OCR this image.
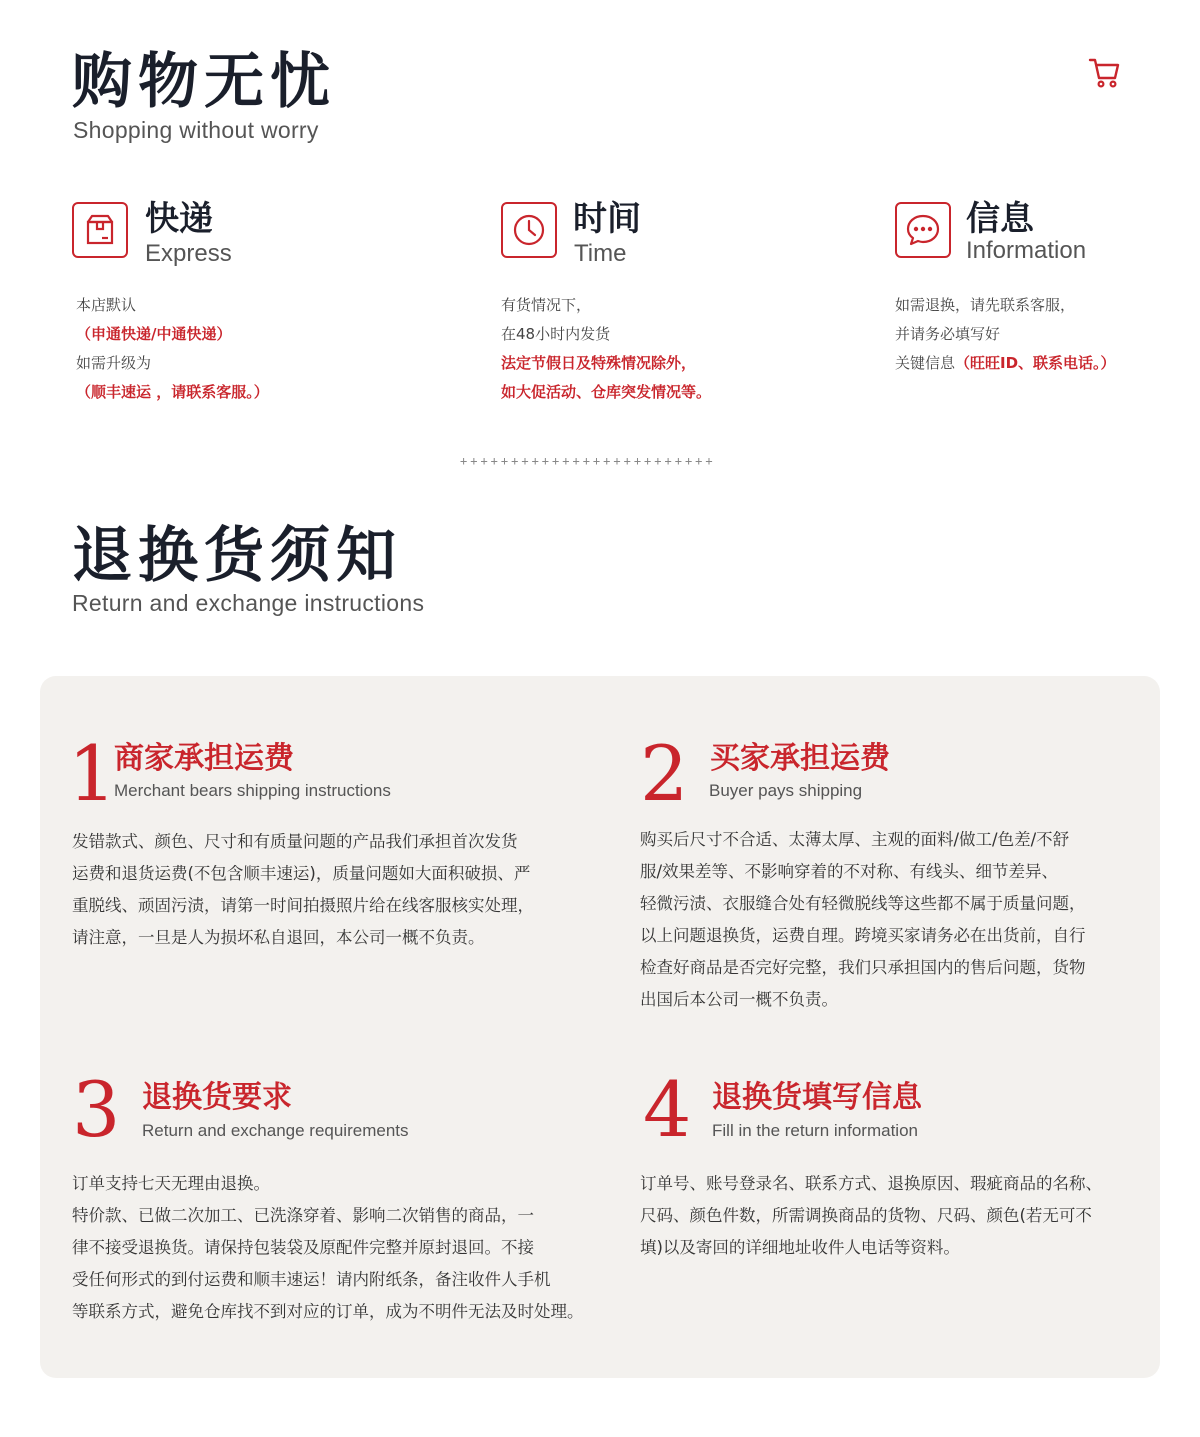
购物无忧
Shopping without worry
快递
Express
本店默认
（申通快递/中通快递）
如需升级为
（顺丰速运 ，请联系客服。）
时间
Time
有货情况下，
在48小时内发货
法定节假日及特殊情况除外，
如大促活动、仓库突发情况等。
信息
Information
如需退换，请先联系客服，
并请务必填写好
关键信息（旺旺ID、联系电话。）
+++++++++++++++++++++++++
退换货须知
Return and exchange instructions
1
商家承担运费
Merchant bears shipping instructions
发错款式、颜色、尺寸和有质量问题的产品我们承担首次发货
运费和退货运费(不包含顺丰速运)，质量问题如大面积破损、严
重脱线、顽固污渍，请第一时间拍摄照片给在线客服核实处理，
请注意，一旦是人为损坏私自退回，本公司一概不负责。
2 买家承担运费
Buyer pays shipping
购买后尺寸不合适、太薄太厚、主观的面料/做工/色差/不舒
服/效果差等、不影响穿着的不对称、有线头、细节差异、
轻微污渍、衣服缝合处有轻微脱线等这些都不属于质量问题，
以上问题退换货，运费自理。跨境买家请务必在出货前，自行
检查好商品是否完好完整，我们只承担国内的售后问题，货物
出国后本公司一概不负责。
3 退换货要求
Return and exchange requirements
订单支持七天无理由退换。
特价款、已做二次加工、已洗涤穿着、影响二次销售的商品，一
律不接受退换货。请保持包装袋及原配件完整并原封退回。不接
受任何形式的到付运费和顺丰速运！请内附纸条，备注收件人手机
等联系方式，避免仓库找不到对应的订单，成为不明件无法及时处理。
4 退换货填写信息
Fill in the return information
订单号、账号登录名、联系方式、退换原因、瑕疵商品的名称、
尺码、颜色件数，所需调换商品的货物、尺码、颜色(若无可不
填)以及寄回的详细地址收件人电话等资料。
